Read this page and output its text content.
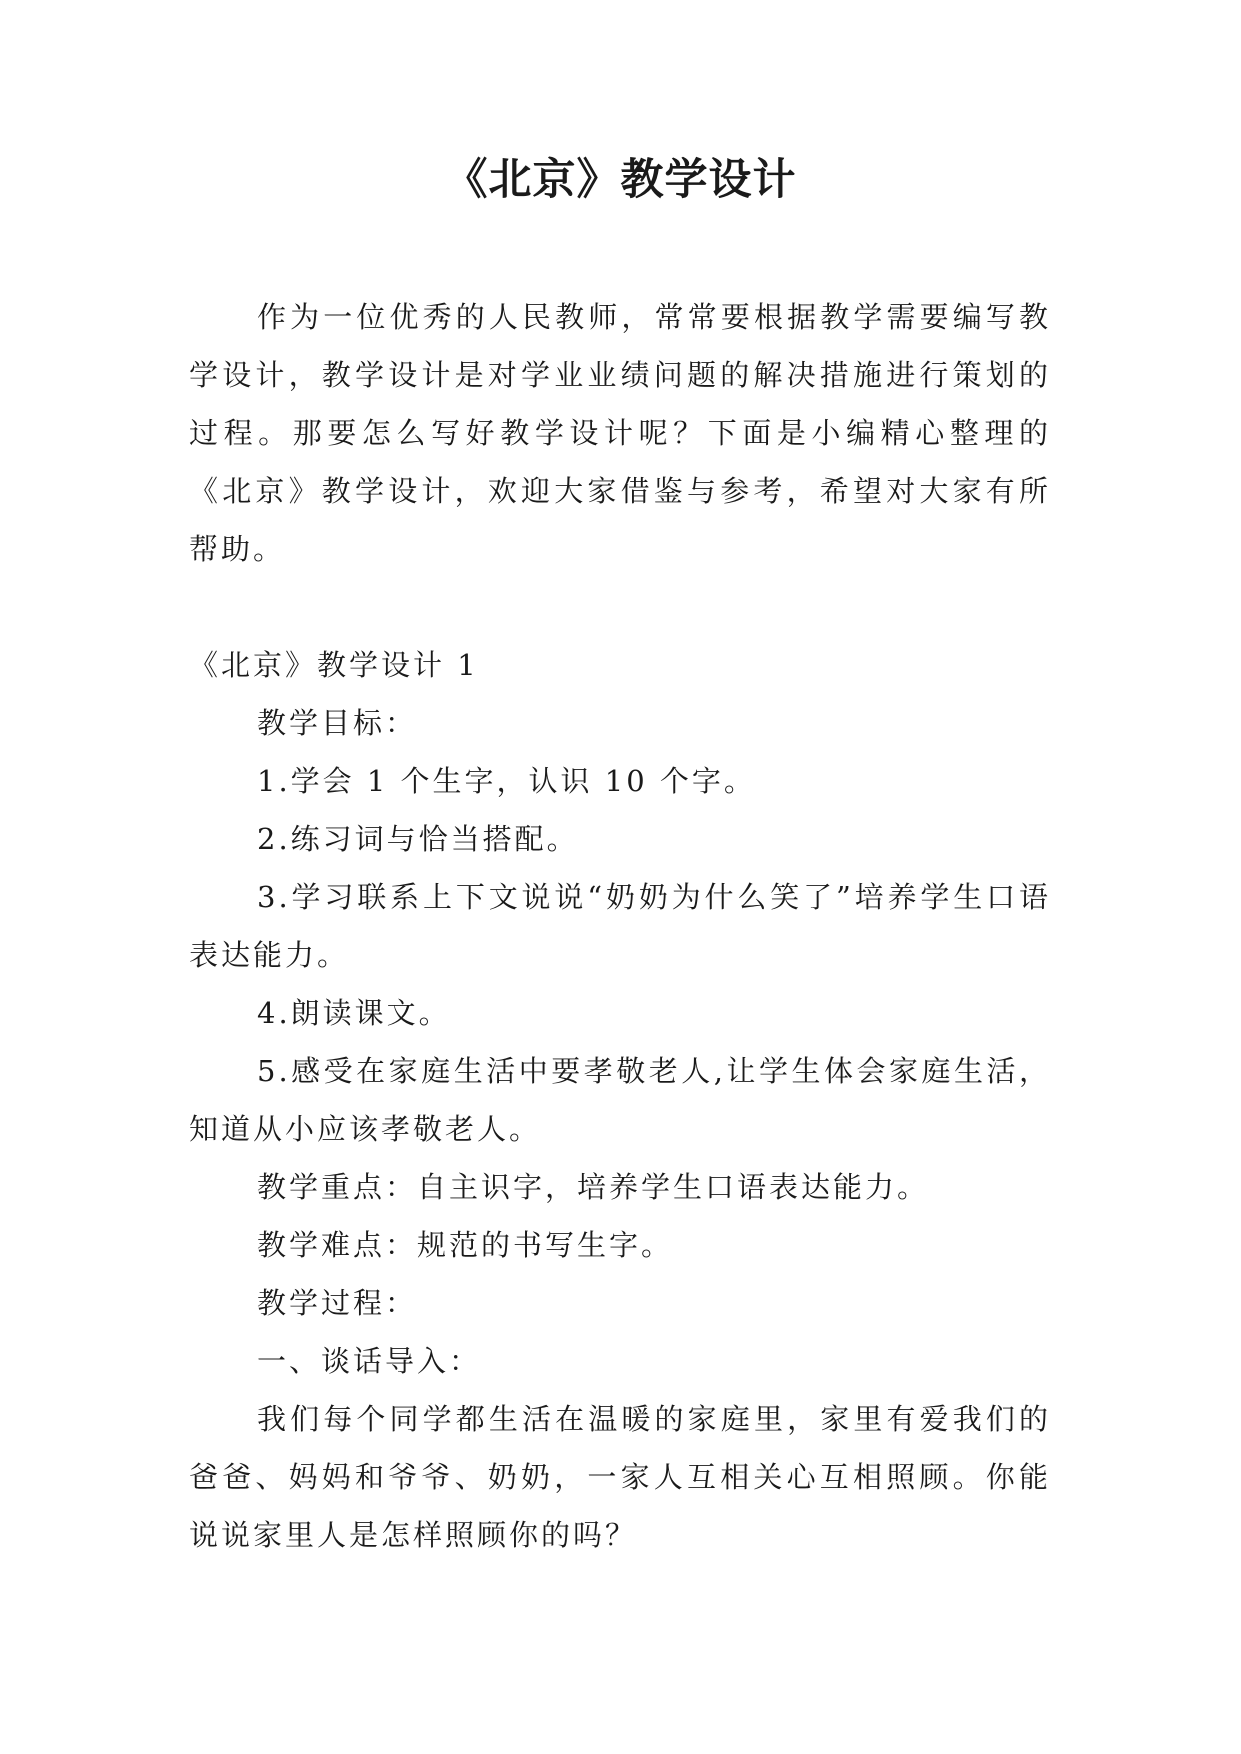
《北京》教学设计

作为一位优秀的人民教师，常常要根据教学需要编写教学设计，教学设计是对学业业绩问题的解决措施进行策划的过程。那要怎么写好教学设计呢？下面是小编精心整理的《北京》教学设计，欢迎大家借鉴与参考，希望对大家有所帮助。

《北京》教学设计 1

教学目标：

1.学会 1 个生字，认识 10 个字。

2.练习词与恰当搭配。

3.学习联系上下文说说“奶奶为什么笑了”培养学生口语表达能力。

4.朗读课文。

5.感受在家庭生活中要孝敬老人,让学生体会家庭生活，知道从小应该孝敬老人。

教学重点：自主识字，培养学生口语表达能力。

教学难点：规范的书写生字。

教学过程：

一、谈话导入：

我们每个同学都生活在温暖的家庭里，家里有爱我们的爸爸、妈妈和爷爷、奶奶，一家人互相关心互相照顾。你能说说家里人是怎样照顾你的吗？
